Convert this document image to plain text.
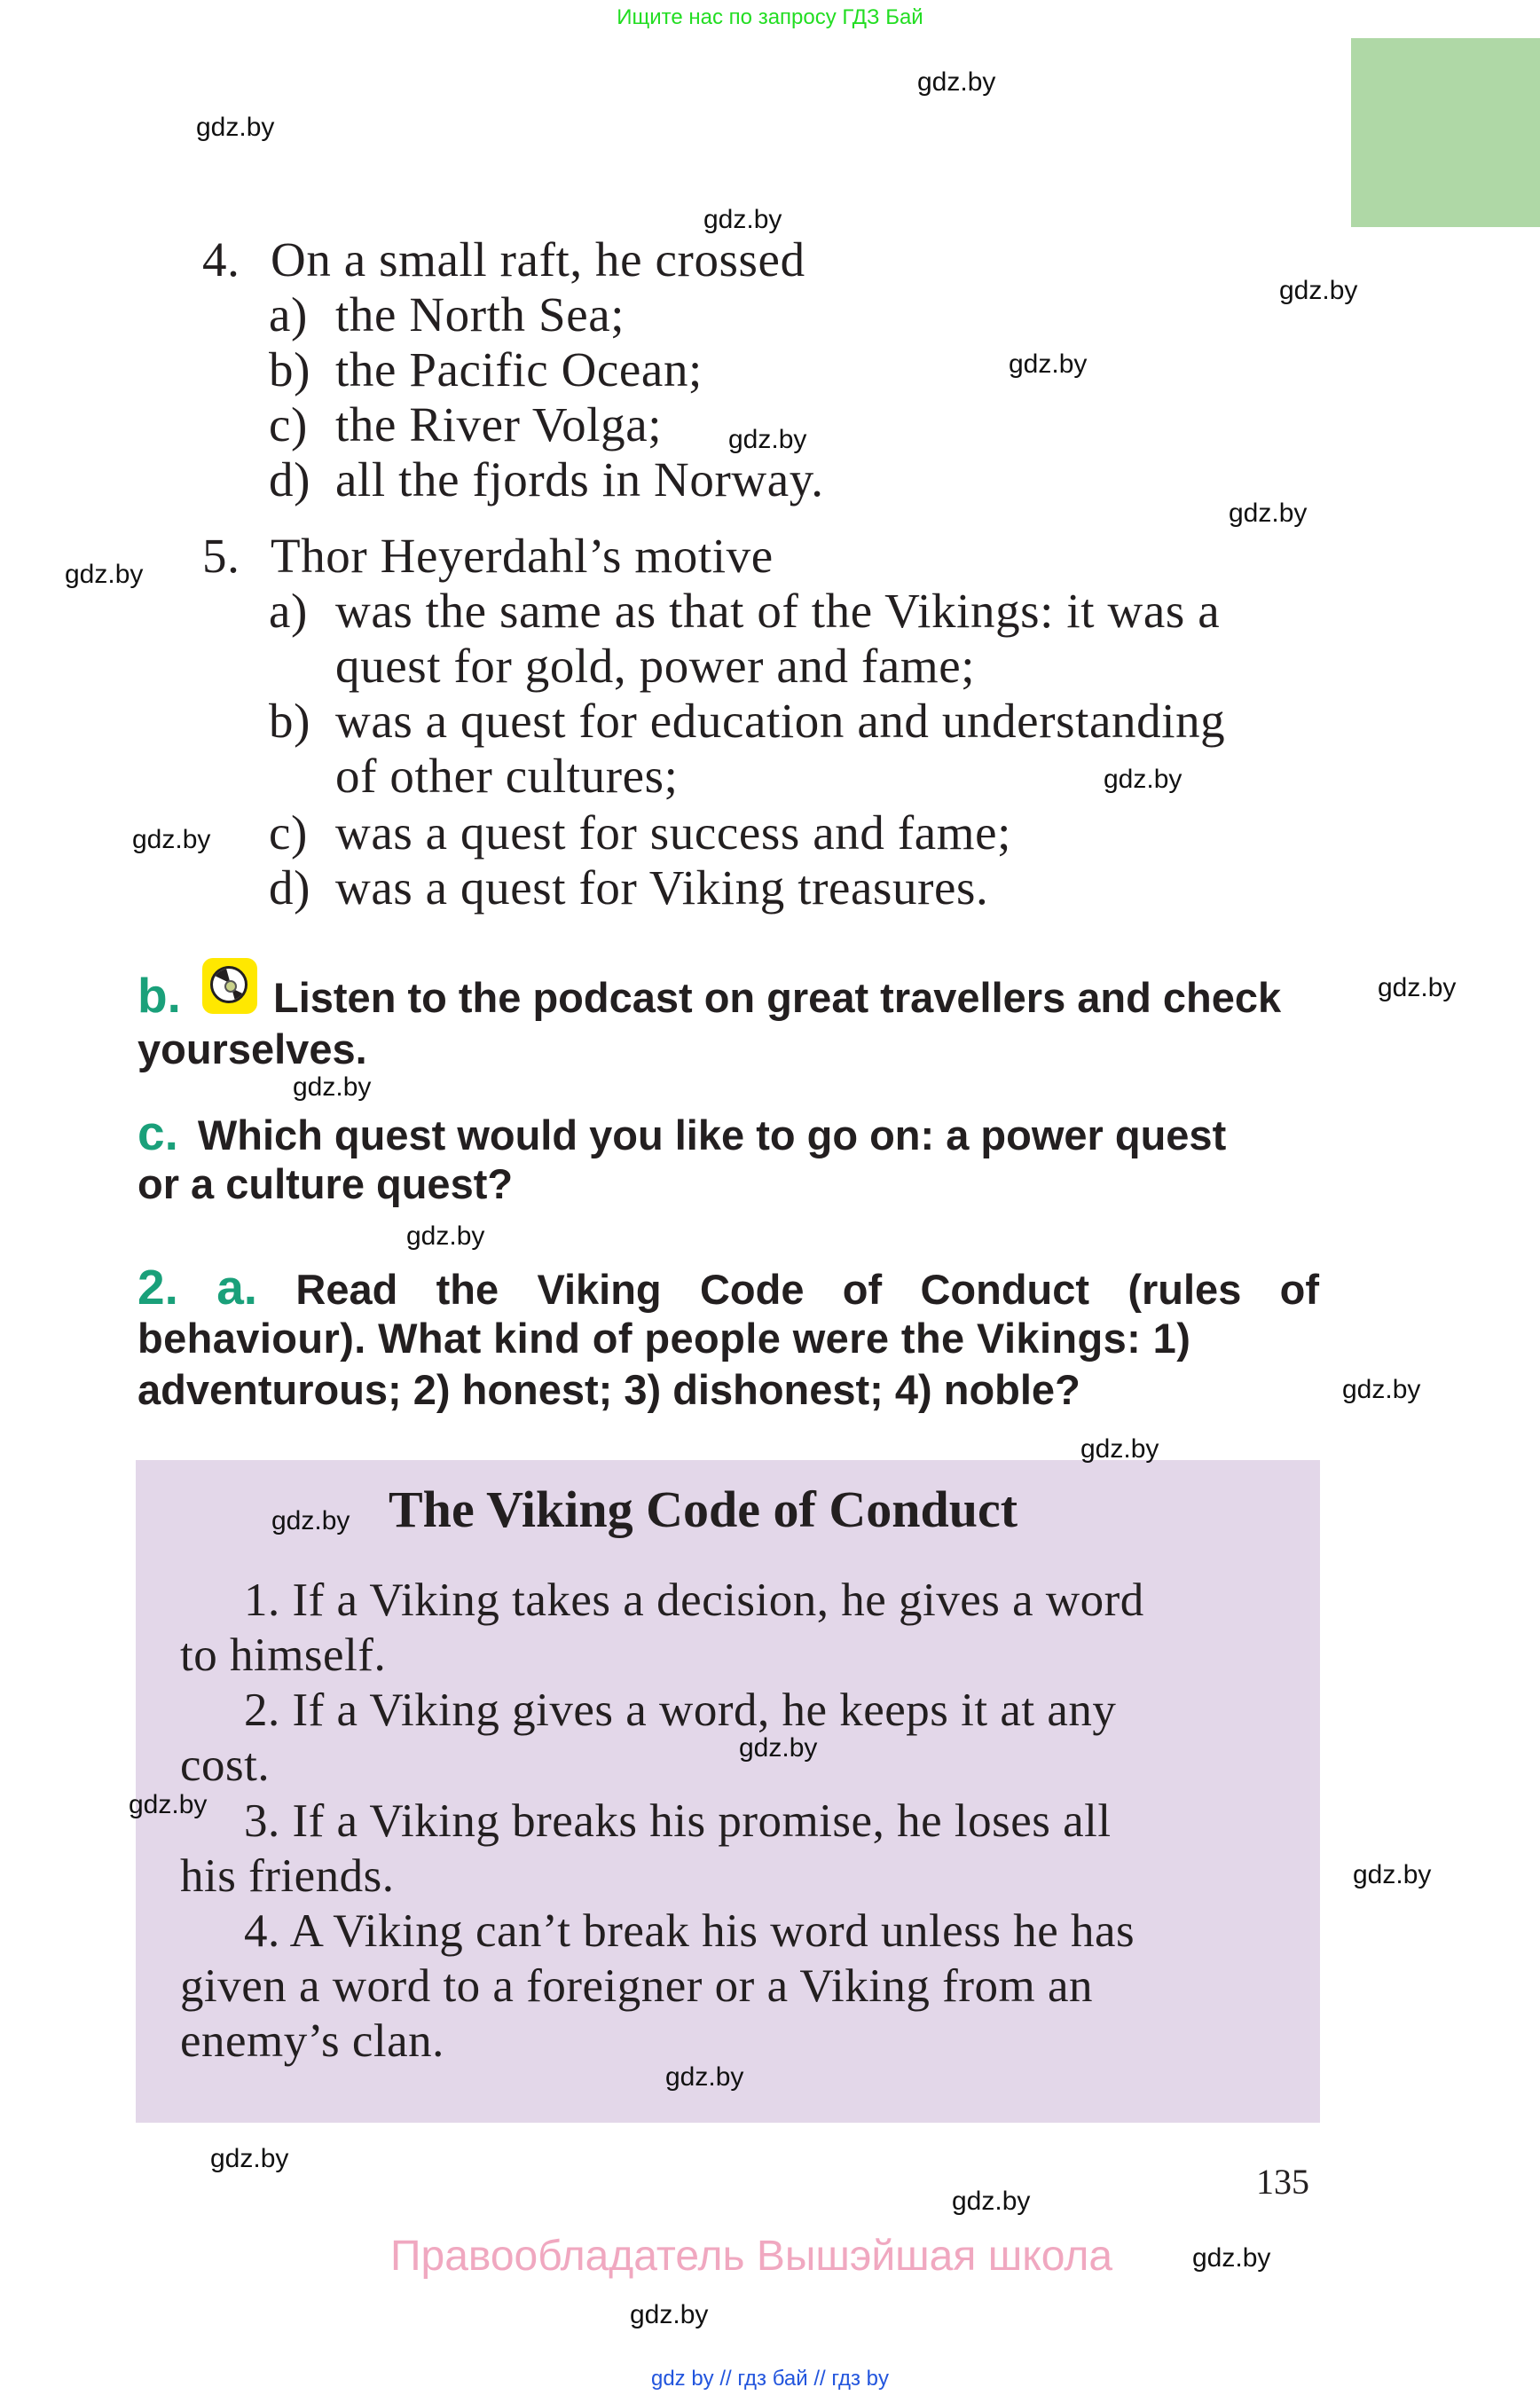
Ищите нас по запросу ГДЗ Бай
4. On a small raft, he crossed
a) the North Sea;
b) the Pacific Ocean;
c) the River Volga;
d) all the fjords in Norway.
5. Thor Heyerdahl’s motive
a) was the same as that of the Vikings: it was a
quest for gold, power and fame;
b) was a quest for education and understanding
of other cultures;
c) was a quest for success and fame;
d) was a quest for Viking treasures.
b. Listen to the podcast on great travellers and check
yourselves.
c. Which quest would you like to go on: a power quest
or a culture quest?
2. a. Read the Viking Code of Conduct (rules of
behaviour). What kind of people were the Vikings: 1)
adventurous; 2) honest; 3) dishonest; 4) noble?
The Viking Code of Conduct
1. If a Viking takes a decision, he gives a word
to himself.
2. If a Viking gives a word, he keeps it at any
cost.
3. If a Viking breaks his promise, he loses all
his friends.
4. A Viking can’t break his word unless he has
given a word to a foreigner or a Viking from an
enemy’s clan.
135
Правообладатель Вышэйшая школа
gdz by // гдз бай // гдз by
gdz.by
gdz.by
gdz.by
gdz.by
gdz.by
gdz.by
gdz.by
gdz.by
gdz.by
gdz.by
gdz.by
gdz.by
gdz.by
gdz.by
gdz.by
gdz.by
gdz.by
gdz.by
gdz.by
gdz.by
gdz.by
gdz.by
gdz.by
gdz.by
